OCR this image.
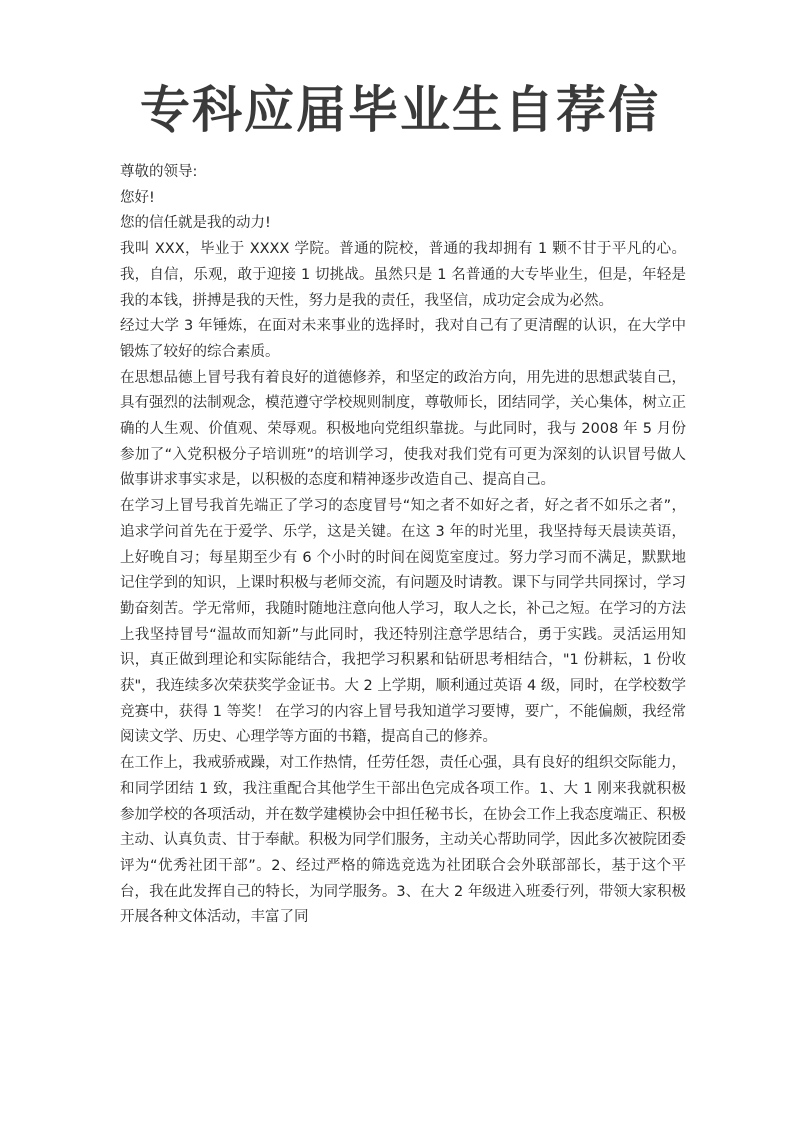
专科应届毕业生自荐信

尊敬的领导:

您好!

您的信任就是我的动力!

我叫 XXX，毕业于 XXXX 学院。普通的院校，普通的我却拥有 1 颗不甘于平凡的心。我，自信，乐观，敢于迎接 1 切挑战。虽然只是 1 名普通的大专毕业生，但是，年轻是我的本钱，拼搏是我的天性，努力是我的责任，我坚信，成功定会成为必然。

经过大学 3 年锤炼，在面对未来事业的选择时，我对自己有了更清醒的认识，在大学中锻炼了较好的综合素质。

在思想品德上冒号我有着良好的道德修养，和坚定的政治方向，用先进的思想武装自己，具有强烈的法制观念，模范遵守学校规则制度，尊敬师长，团结同学，关心集体，树立正确的人生观、价值观、荣辱观。积极地向党组织靠拢。与此同时，我与 2008 年 5 月份参加了“入党积极分子培训班”的培训学习，使我对我们党有可更为深刻的认识冒号做人做事讲求事实求是，以积极的态度和精神逐步改造自己、提高自己。

在学习上冒号我首先端正了学习的态度冒号“知之者不如好之者，好之者不如乐之者”，追求学问首先在于爱学、乐学，这是关键。在这 3 年的时光里，我坚持每天晨读英语，上好晚自习；每星期至少有 6 个小时的时间在阅览室度过。努力学习而不满足，默默地记住学到的知识，上课时积极与老师交流，有问题及时请教。课下与同学共同探讨，学习勤奋刻苦。学无常师，我随时随地注意向他人学习，取人之长，补己之短。在学习的方法上我坚持冒号“温故而知新”与此同时，我还特别注意学思结合，勇于实践。灵活运用知识，真正做到理论和实际能结合，我把学习积累和钻研思考相结合，"1 份耕耘，1 份收获"，我连续多次荣获奖学金证书。大 2 上学期，顺利通过英语 4 级，同时，在学校数学竞赛中，获得 1 等奖！ 在学习的内容上冒号我知道学习要博，要广，不能偏颇，我经常阅读文学、历史、心理学等方面的书籍，提高自己的修养。

在工作上，我戒骄戒躁，对工作热情，任劳任怨，责任心强，具有良好的组织交际能力，和同学团结 1 致，我注重配合其他学生干部出色完成各项工作。1、大 1 刚来我就积极参加学校的各项活动，并在数学建模协会中担任秘书长，在协会工作上我态度端正、积极主动、认真负责、甘于奉献。积极为同学们服务，主动关心帮助同学，因此多次被院团委评为“优秀社团干部”。2、经过严格的筛选竞选为社团联合会外联部部长，基于这个平台，我在此发挥自己的特长，为同学服务。3、在大 2 年级进入班委行列，带领大家积极开展各种文体活动，丰富了同
